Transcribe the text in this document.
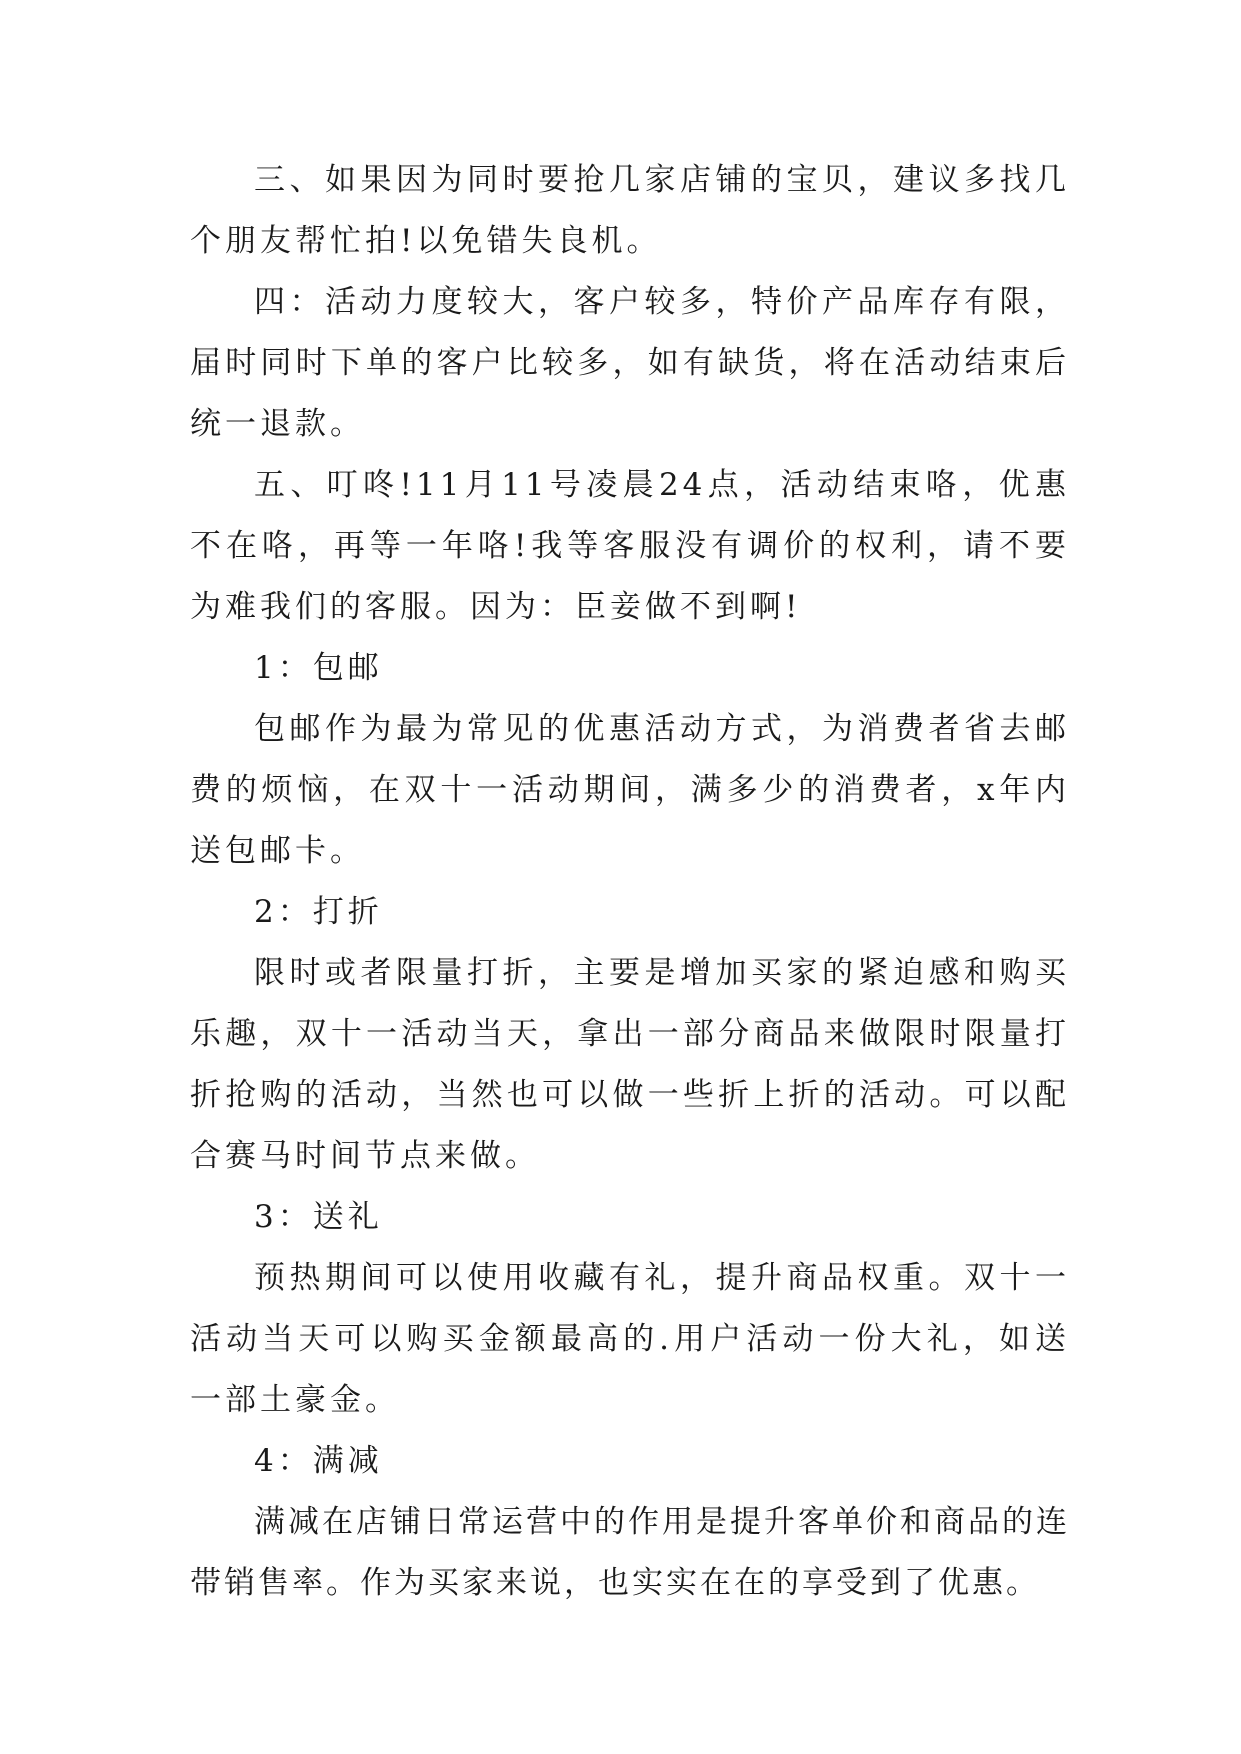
三、如果因为同时要抢几家店铺的宝贝，建议多找几个朋友帮忙拍!以免错失良机。

四：活动力度较大，客户较多，特价产品库存有限，届时同时下单的客户比较多，如有缺货，将在活动结束后统一退款。

五、叮咚!11月11号凌晨24点，活动结束咯，优惠不在咯，再等一年咯!我等客服没有调价的权利，请不要为难我们的客服。因为：臣妾做不到啊!

1：包邮

包邮作为最为常见的优惠活动方式，为消费者省去邮费的烦恼，在双十一活动期间，满多少的消费者，x年内送包邮卡。

2：打折

限时或者限量打折，主要是增加买家的紧迫感和购买乐趣，双十一活动当天，拿出一部分商品来做限时限量打折抢购的活动，当然也可以做一些折上折的活动。可以配合赛马时间节点来做。

3：送礼

预热期间可以使用收藏有礼，提升商品权重。双十一活动当天可以购买金额最高的.用户活动一份大礼，如送一部土豪金。

4：满减

满减在店铺日常运营中的作用是提升客单价和商品的连带销售率。作为买家来说，也实实在在的享受到了优惠。
